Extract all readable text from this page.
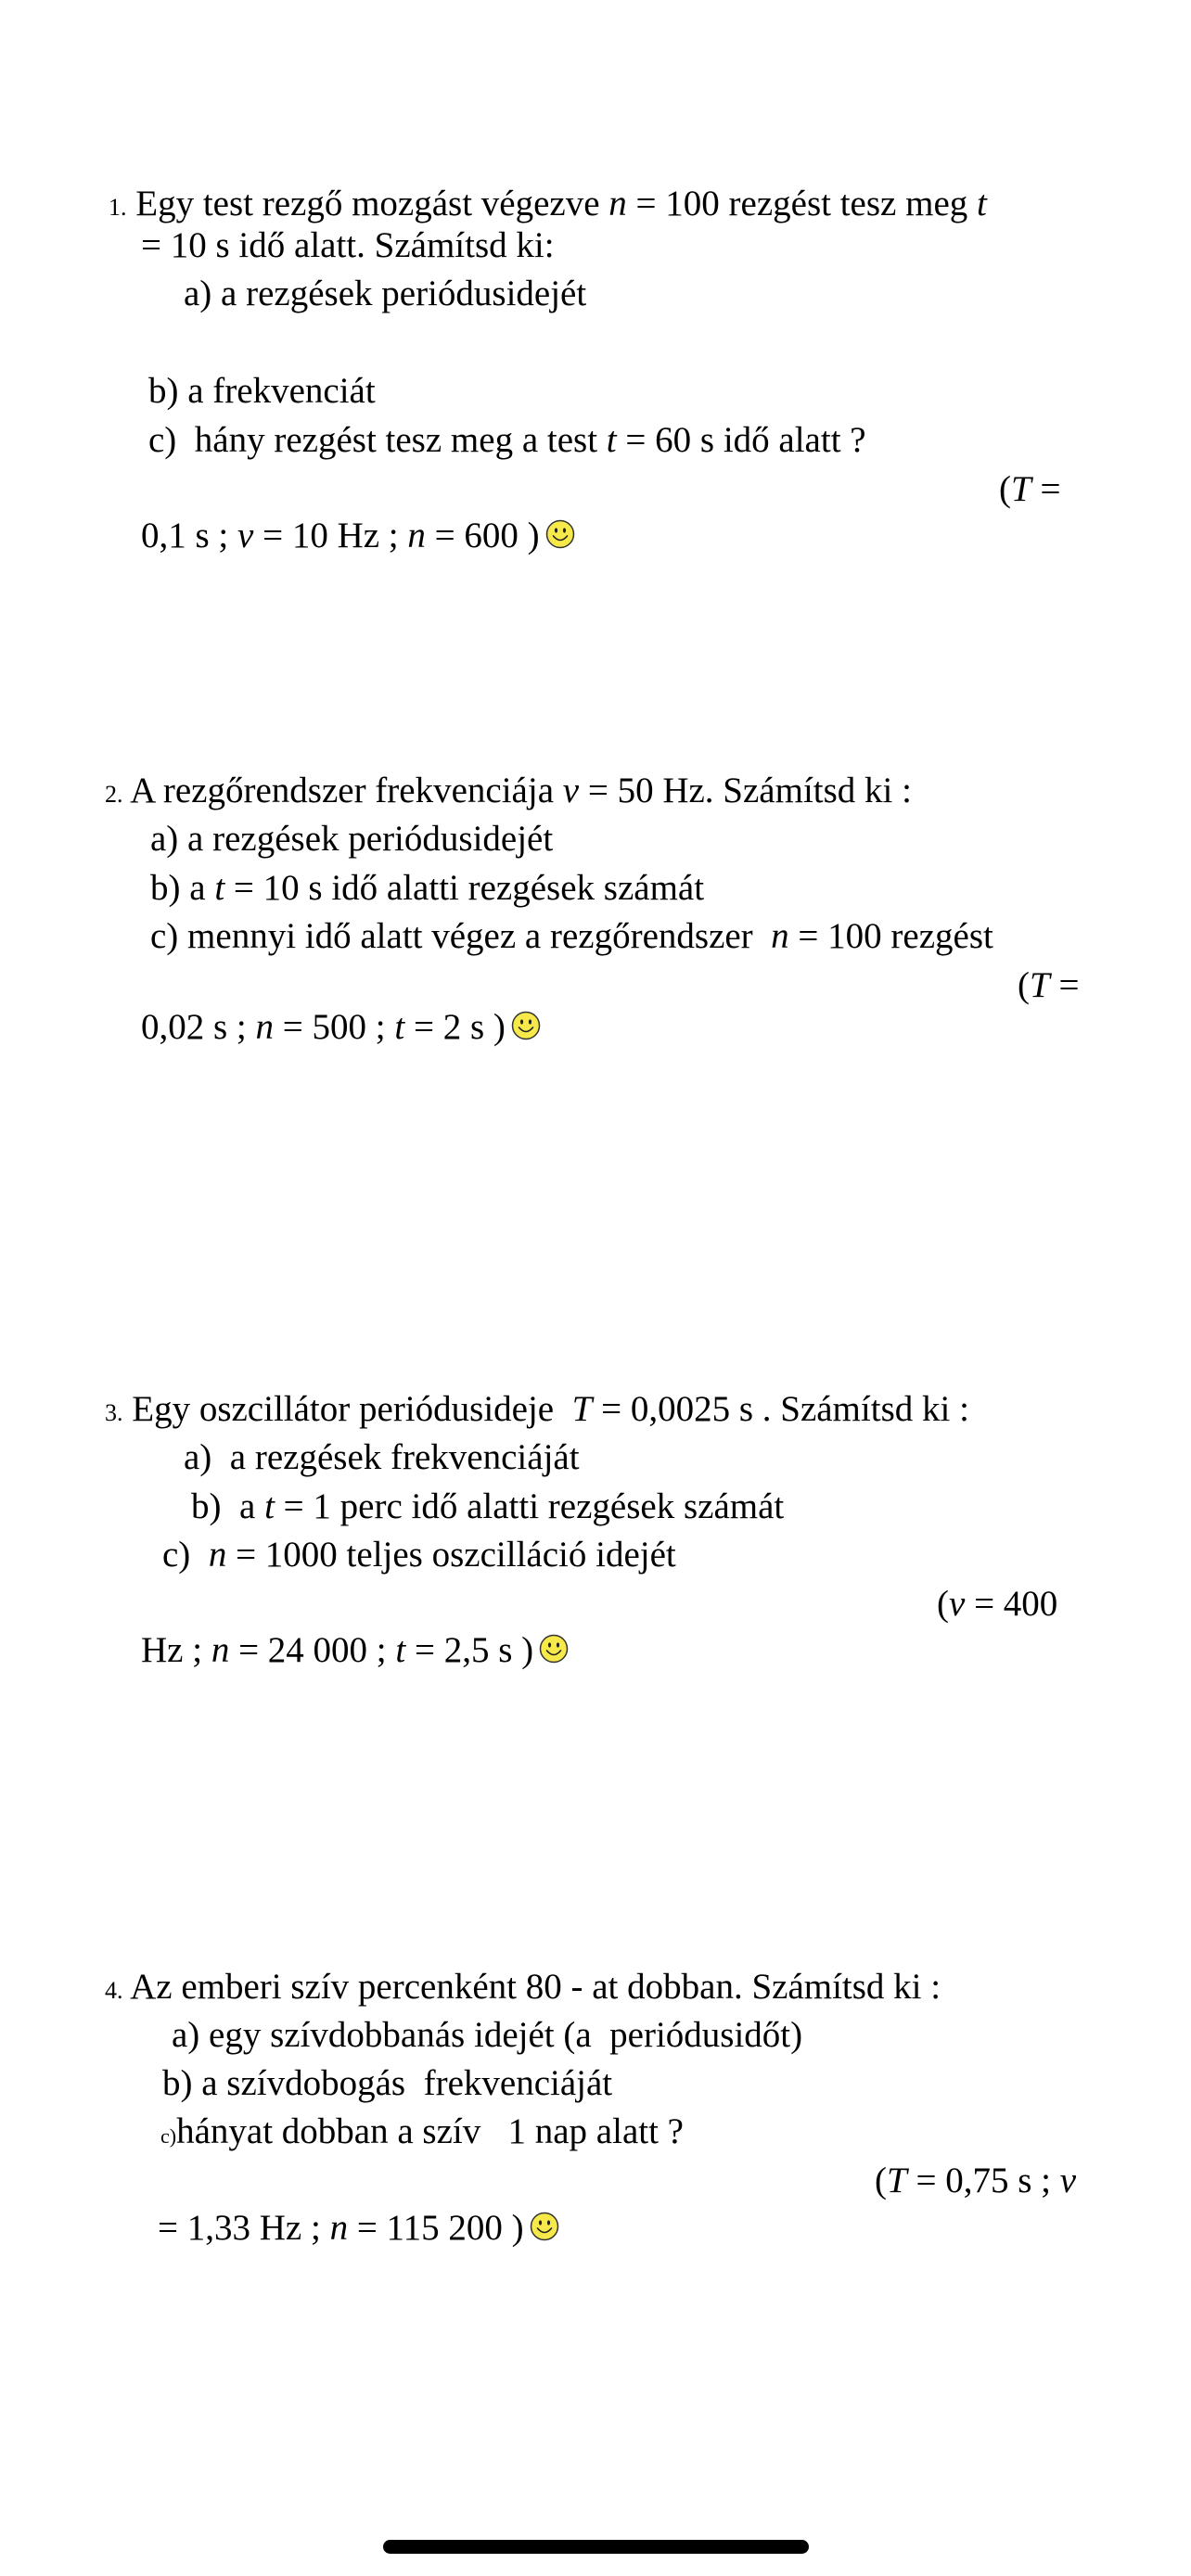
1. Egy test rezgő mozgást végezve n = 100 rezgést tesz meg t
= 10 s idő alatt. Számítsd ki:
a) a rezgések periódusidejét
b) a frekvenciát
c)  hány rezgést tesz meg a test t = 60 s idő alatt ?
(T =
0,1 s ; v = 10 Hz ; n = 600 )
2. A rezgőrendszer frekvenciája v = 50 Hz. Számítsd ki :
a) a rezgések periódusidejét
b) a t = 10 s idő alatti rezgések számát
c) mennyi idő alatt végez a rezgőrendszer  n = 100 rezgést
(T =
0,02 s ; n = 500 ; t = 2 s )
3. Egy oszcillátor periódusideje  T = 0,0025 s . Számítsd ki :
a)  a rezgések frekvenciáját
b)  a t = 1 perc idő alatti rezgések számát
c)  n = 1000 teljes oszcilláció idejét
(v = 400
Hz ; n = 24 000 ; t = 2,5 s )
4. Az emberi szív percenként 80 - at dobban. Számítsd ki :
a) egy szívdobbanás idejét (a  periódusidőt)
b) a szívdobogás  frekvenciáját
c)hányat dobban a szív   1 nap alatt ?
(T = 0,75 s ; v
= 1,33 Hz ; n = 115 200 )
